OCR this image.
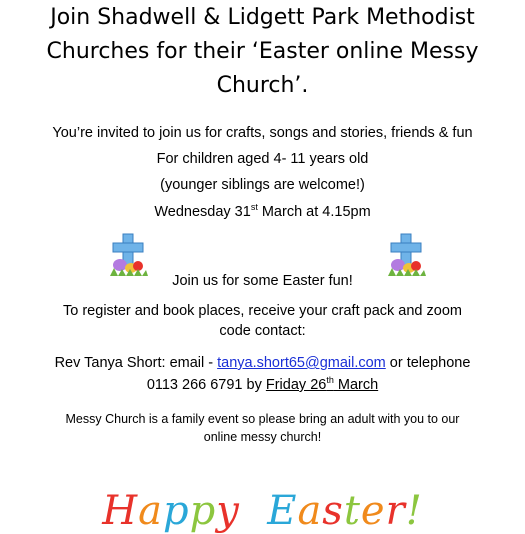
Join Shadwell & Lidgett Park Methodist
Churches for their ‘Easter online Messy
Church’.
You’re invited to join us for crafts, songs and stories, friends & fun
For children aged 4- 11 years old
(younger siblings are welcome!)
Wednesday 31st March at 4.15pm
Join us for some Easter fun!
To register and book places, receive your craft pack and zoom
code contact:
Rev Tanya Short: email - tanya.short65@gmail.com or telephone
0113 266 6791 by Friday 26th March
Messy Church is a family event so please bring an adult with you to our
online messy church!
Happy Easter!
